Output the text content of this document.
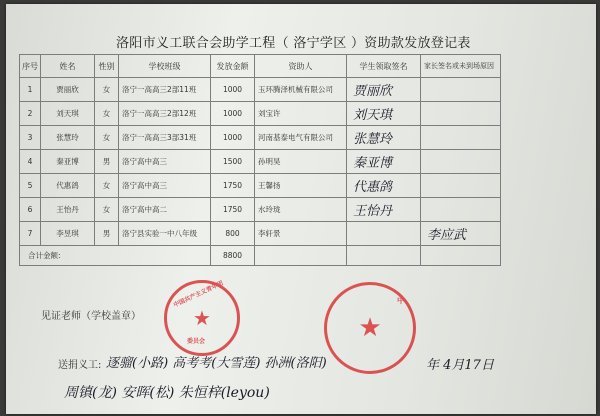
洛阳市义工联合会助学工程（ 洛宁学区 ）资助款发放登记表
序号	姓名	性别	学校班级	发放金额	资助人	学生领取签名	家长签名或未到场原因
1	贾丽欣	女	洛宁一高高三2部11班	1000	玉环腾泽机械有限公司	贾丽欣	
2	刘天琪	女	洛宁一高高三2部12班	1000	刘宝许	刘天琪	
3	张慧玲	女	洛宁一高高三3部31班	1000	河南基泰电气有限公司	张慧玲	
4	秦亚博	男	洛宁高中高三	1500	孙明昊	秦亚博	
5	代惠鸽	女	洛宁高中高三	1750	王馨扬	代惠鸽	
6	王怡丹	女	洛宁高中高二	1750	水玲珑	王怡丹	
7	李昱琪	男	洛宁县实验一中八年级	800	李轩景		李应武
合计金额:				8800			
见证老师（学校盖章）	★
中国共产主义青年团
委员会	★
中
送捐义工: 逐骝(小路) 高考考(大雪莲) 孙洲(洛阳)	年 4月17日
周镇(龙) 安晖(松) 朱恒梓(leyou)
